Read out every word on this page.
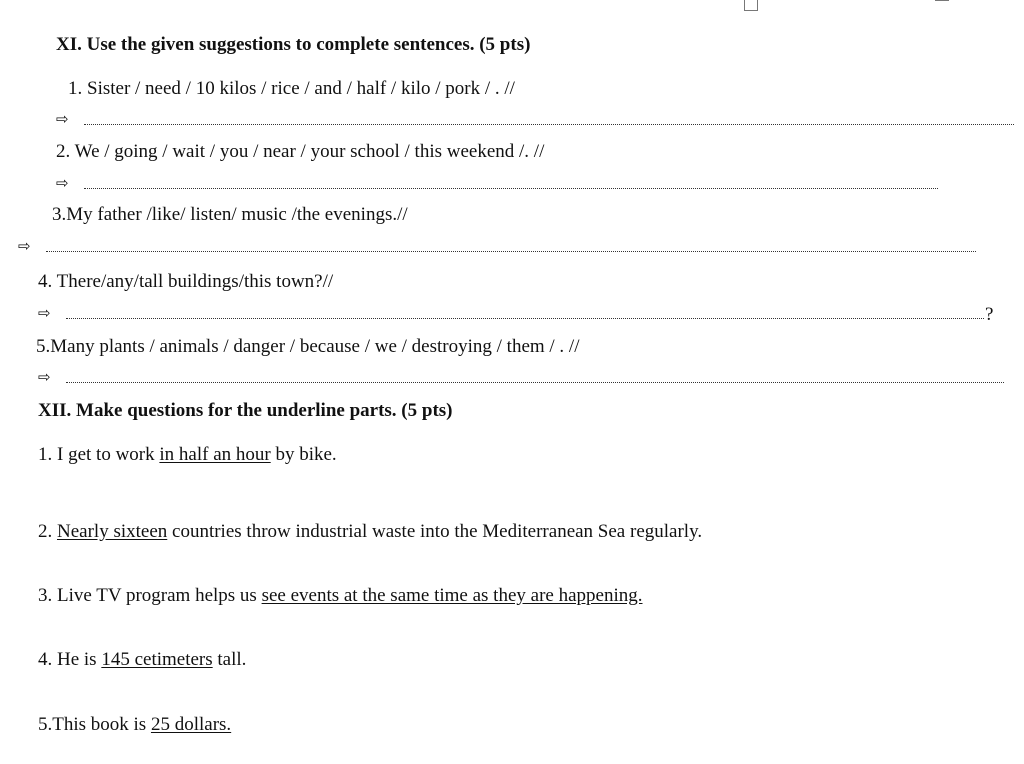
XI. Use the given suggestions to complete sentences. (5 pts)
1. Sister / need / 10 kilos / rice / and / half / kilo / pork / . //
⇨
2. We / going / wait / you / near / your school / this weekend /. //
⇨
3.My father /like/ listen/ music /the evenings.//
⇨
4. There/any/tall buildings/this town?//
⇨	?
5.Many plants / animals / danger / because / we / destroying / them / . //
⇨
XII. Make questions for the underline parts. (5 pts)
1. I get to work in half an hour by bike.
2. Nearly sixteen countries throw industrial waste into the Mediterranean Sea regularly.
3. Live TV program helps us see events at the same time as they are happening.
4. He is 145 cetimeters tall.
5.This book is 25 dollars.
